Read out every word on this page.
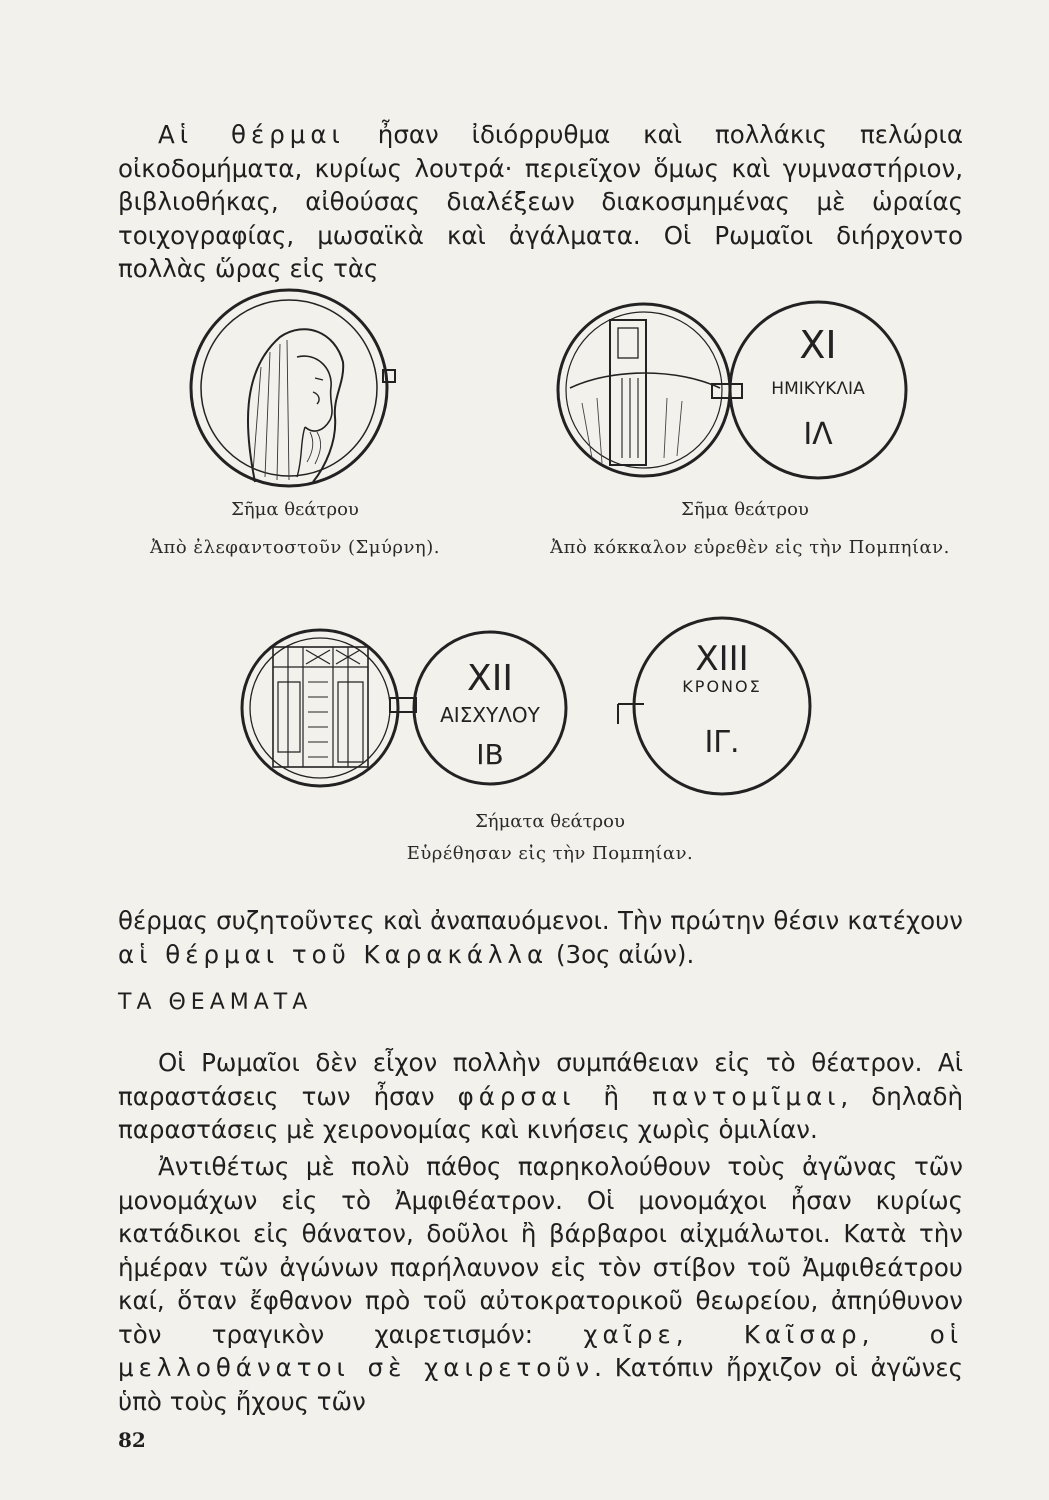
Αἱ θέρμαι ἦσαν ἰδιόρρυθμα καὶ πολλάκις πελώρια οἰκοδομήματα, κυρίως λουτρά· περιεῖχον ὅμως καὶ γυμναστήριον, βιβλιοθήκας, αἰθούσας διαλέξεων διακοσμημένας μὲ ὡραίας τοιχογραφίας, μωσαϊκὰ καὶ ἀγάλματα. Οἱ Ρωμαῖοι διήρχοντο πολλὰς ὥρας εἰς τὰς
XI
ΗΜΙΚΥΚΛΙΑ
ΙΛ
Σῆμα θεάτρου
Ἀπὸ ἐλεφαντοστοῦν (Σμύρνη).
Σῆμα θεάτρου
Ἀπὸ κόκκαλον εὑρεθὲν εἰς τὴν Πομπηίαν.
XII
ΑΙΣΧΥΛΟΥ
ΙΒ
XIII
ΚΡΟΝΟΣ
ΙΓ.
Σήματα θεάτρου
Εὑρέθησαν εἰς τὴν Πομπηίαν.
θέρμας συζητοῦντες καὶ ἀναπαυόμενοι. Τὴν πρώτην θέσιν κατέχουν αἱ θέρμαι τοῦ Καρακάλλα (3ος αἰών).
ΤΑ ΘΕΑΜΑΤΑ
Οἱ Ρωμαῖοι δὲν εἶχον πολλὴν συμπάθειαν εἰς τὸ θέατρον. Αἱ παραστάσεις των ἦσαν φάρσαι ἢ παντομῖμαι, δηλαδὴ παραστάσεις μὲ χειρονομίας καὶ κινήσεις χωρὶς ὁμιλίαν.
Ἀντιθέτως μὲ πολὺ πάθος παρηκολούθουν τοὺς ἀγῶνας τῶν μονομάχων εἰς τὸ Ἀμφιθέατρον. Οἱ μονομάχοι ἦσαν κυρίως κατάδικοι εἰς θάνατον, δοῦλοι ἢ βάρβαροι αἰχμάλωτοι. Κατὰ τὴν ἡμέραν τῶν ἀγώνων παρήλαυνον εἰς τὸν στίβον τοῦ Ἀμφιθεάτρου καί, ὅταν ἔφθανον πρὸ τοῦ αὐτοκρατορικοῦ θεωρείου, ἀπηύθυνον τὸν τραγικὸν χαιρετισμόν: χαῖρε, Καῖσαρ, οἱ μελλοθάνατοι σὲ χαιρετοῦν. Κατόπιν ἤρχιζον οἱ ἀγῶνες ὑπὸ τοὺς ἤχους τῶν
82
